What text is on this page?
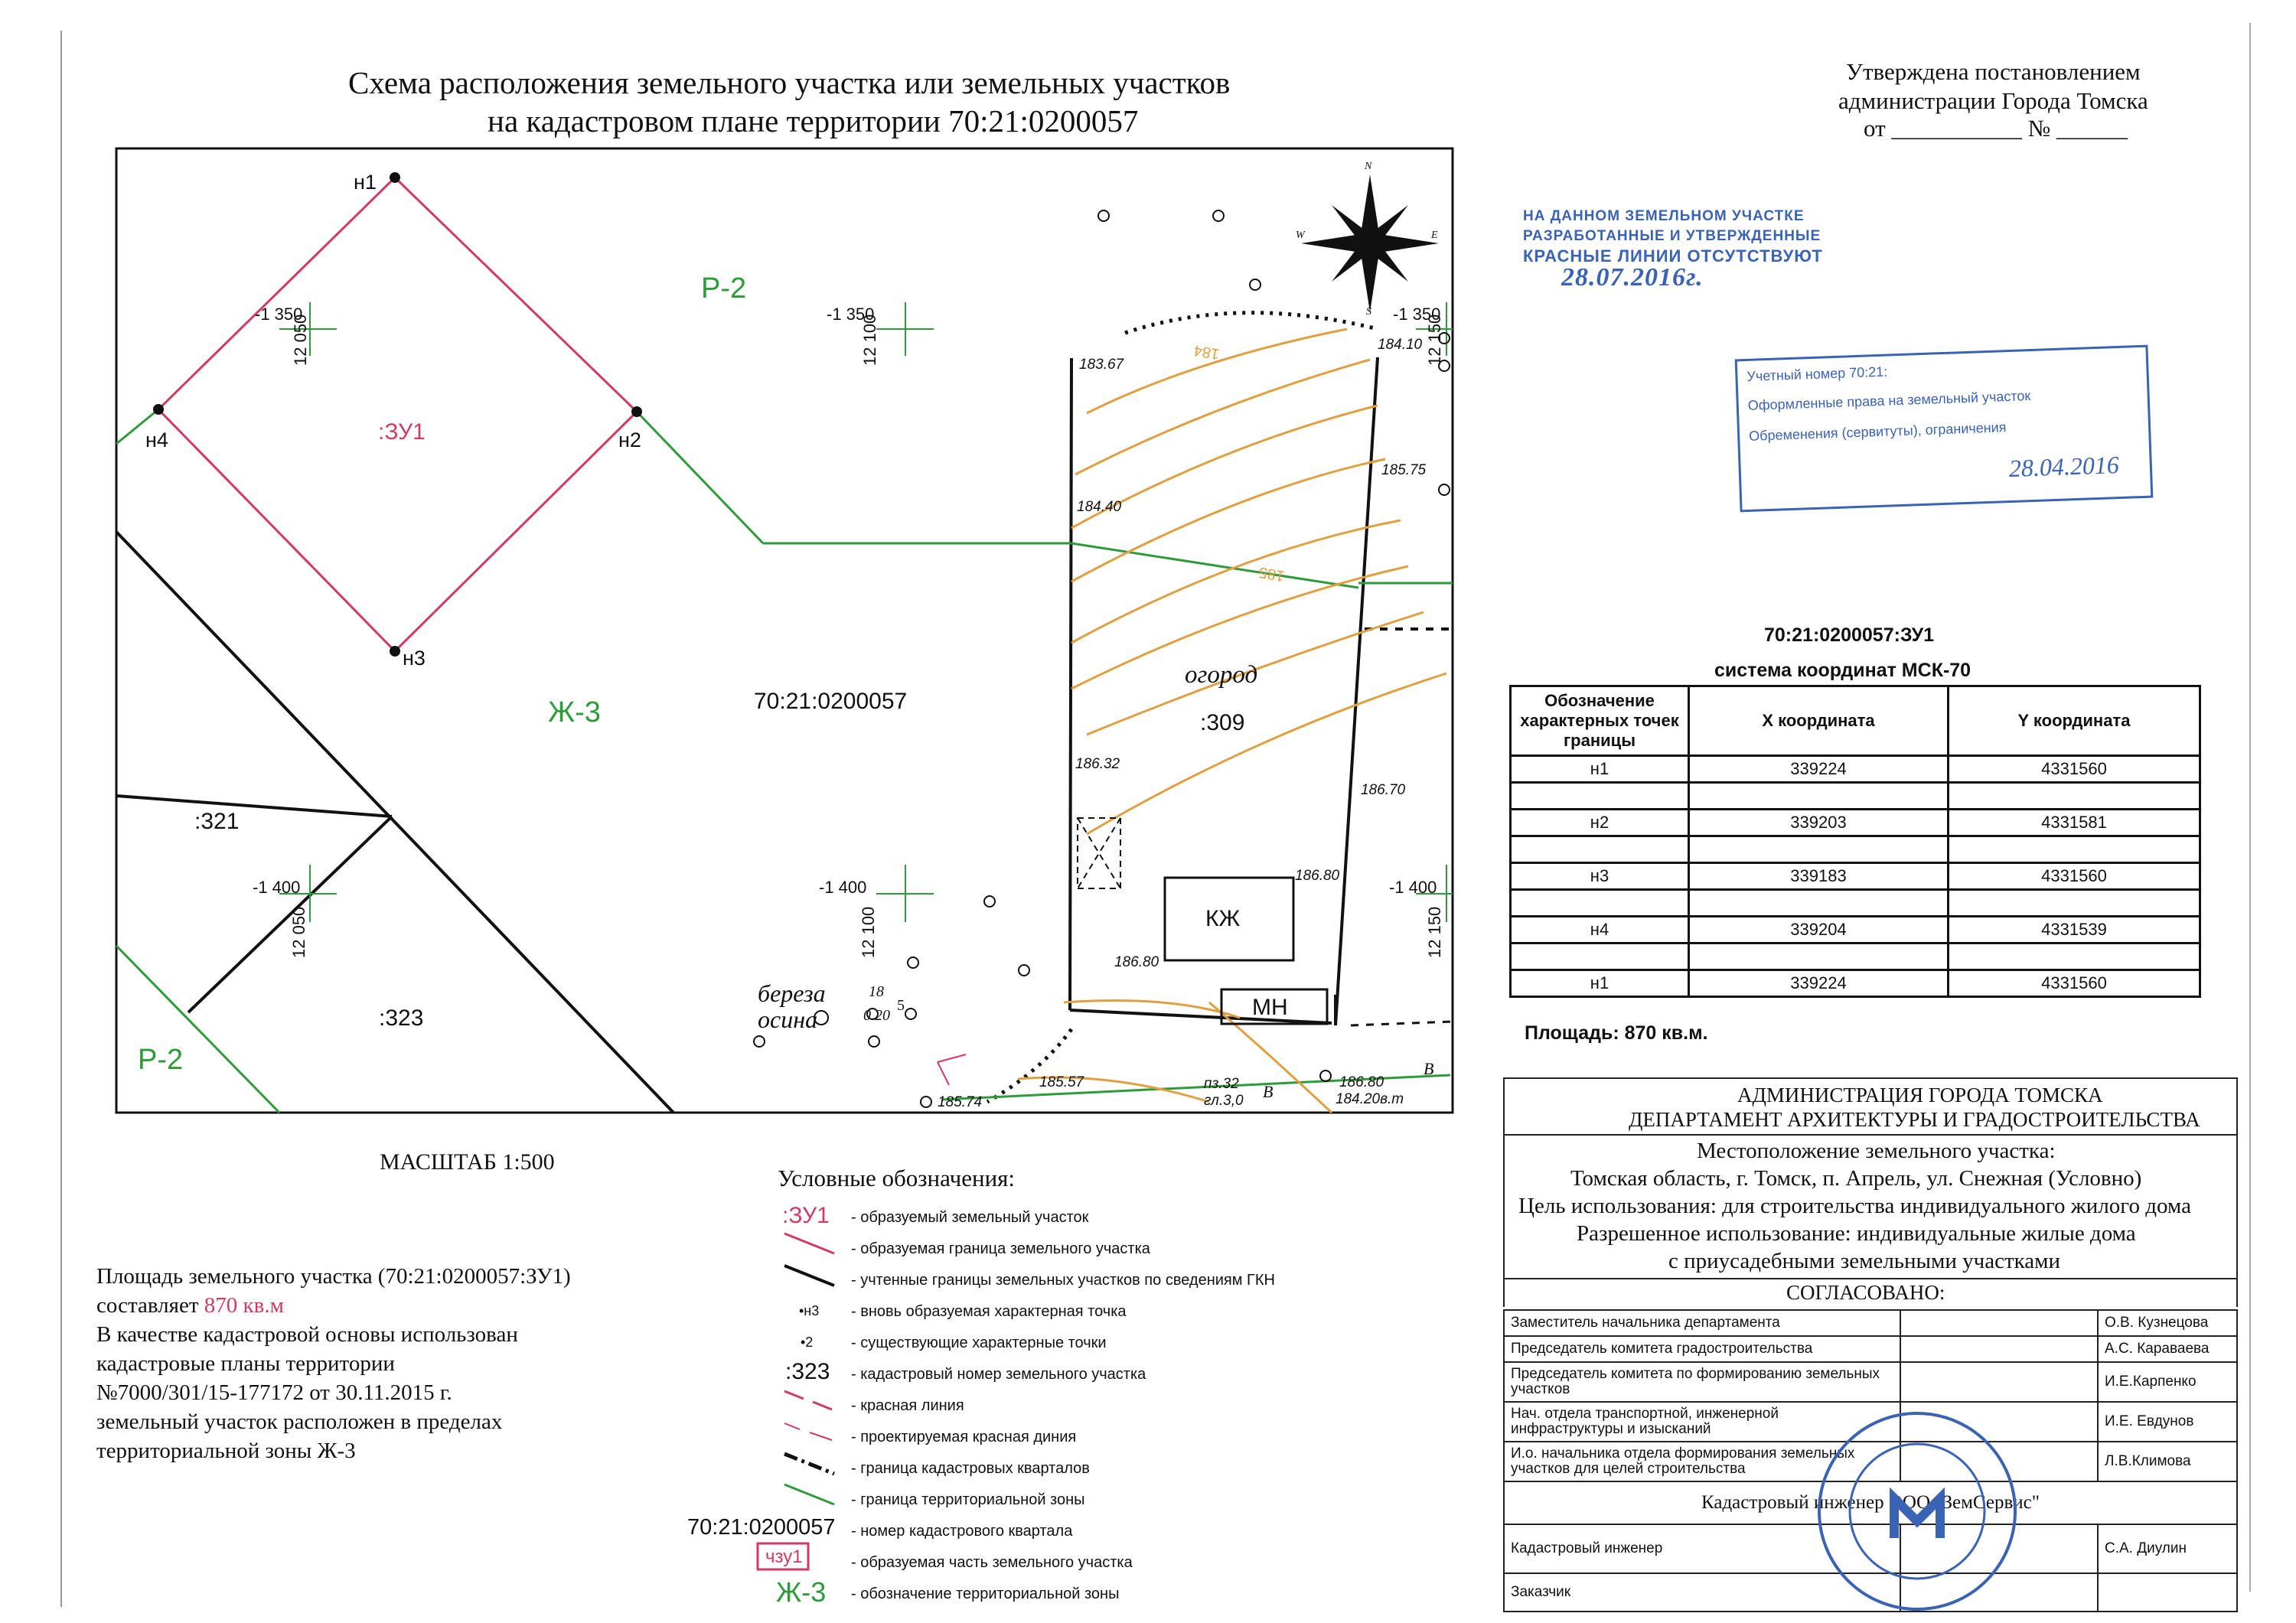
Схема расположения земельного участка или земельных участков
на кадастровом плане территории 70:21:0200057
Утверждена постановлением
администрации Города Томска
от ___________ № ______
н1
н2
н3
н4	:ЗУ1
Р-2
Ж-3
Р-2
70:21:0200057
:321
:323
:309
огород
КЖ
МН
береза
осина
18
0.20
5
-1 350
12 050
-1 350
12 100
-1 350
12 150
-1 400
12 050
-1 400
12 100
-1 400
12 150
183.67
184.10
185.75
184.40
186.32
186.70
186.80
186.80
185.57
185.74
186.80
184.20в.т
пз.32
гл.3,0
184
185
N
S
W	E
В
В
МАСШТАБ 1:500
Площадь земельного участка (70:21:0200057:ЗУ1)
составляет 870 кв.м
В качестве кадастровой основы использован
кадастровые планы территории
№7000/301/15-177172 от 30.11.2015 г.
земельный участок расположен в пределах
территориальной зоны Ж-3
Условные обозначения:
:ЗУ1 - образуемый земельный участок
- образуемая граница земельного участка
- учтенные границы земельных участков по сведениям ГКН
•н3 - вновь образуемая характерная точка
•2 - существующие характерные точки
:323 - кадастровый номер земельного участка
- красная линия
- проектируемая красная диния
- граница кадастровых кварталов
- граница территориальной зоны
70:21:0200057 - номер кадастрового квартала
чзу1	- образуемая часть земельного участка
Ж-3 - обозначение территориальной зоны
НА ДАННОМ ЗЕМЕЛЬНОМ УЧАСТКЕ
РАЗРАБОТАННЫЕ И УТВЕРЖДЕННЫЕ
КРАСНЫЕ ЛИНИИ ОТСУТСТВУЮТ
28.07.2016г.
Учетный номер 70:21:
Оформленные права на земельный участок
Обременения (сервитуты), ограничения
28.04.2016
70:21:0200057:ЗУ1
система координат МСК-70
Обозначение характерных точек границы	Х координата	Y координата
н1	339224	4331560

н2	339203	4331581

н3	339183	4331560

н4	339204	4331539

н1	339224	4331560
Площадь: 870 кв.м.
АДМИНИСТРАЦИЯ ГОРОДА ТОМСКА
ДЕПАРТАМЕНТ АРХИТЕКТУРЫ И ГРАДОСТРОИТЕЛЬСТВА
Местоположение земельного участка:
Томская область, г. Томск, п. Апрель, ул. Снежная (Условно)
Цель использования: для строительства индивидуального жилого дома
Разрешенное использование: индивидуальные жилые дома
с приусадебными земельными участками
СОГЛАСОВАНО:
Заместитель начальника департамента		О.В. Кузнецова
Председатель комитета градостроительства		А.С. Караваева
Председатель комитета по формированию земельных участков		И.Е.Карпенко
Нач. отдела транспортной, инженерной инфраструктуры и изысканий		И.Е. Евдунов
И.о. начальника отдела формирования земельных участков для целей строительства		Л.В.Климова
Кадастровый инженер ООО "ЗемСервис"		
Кадастровый инженер		С.А. Диулин
Заказчик		
